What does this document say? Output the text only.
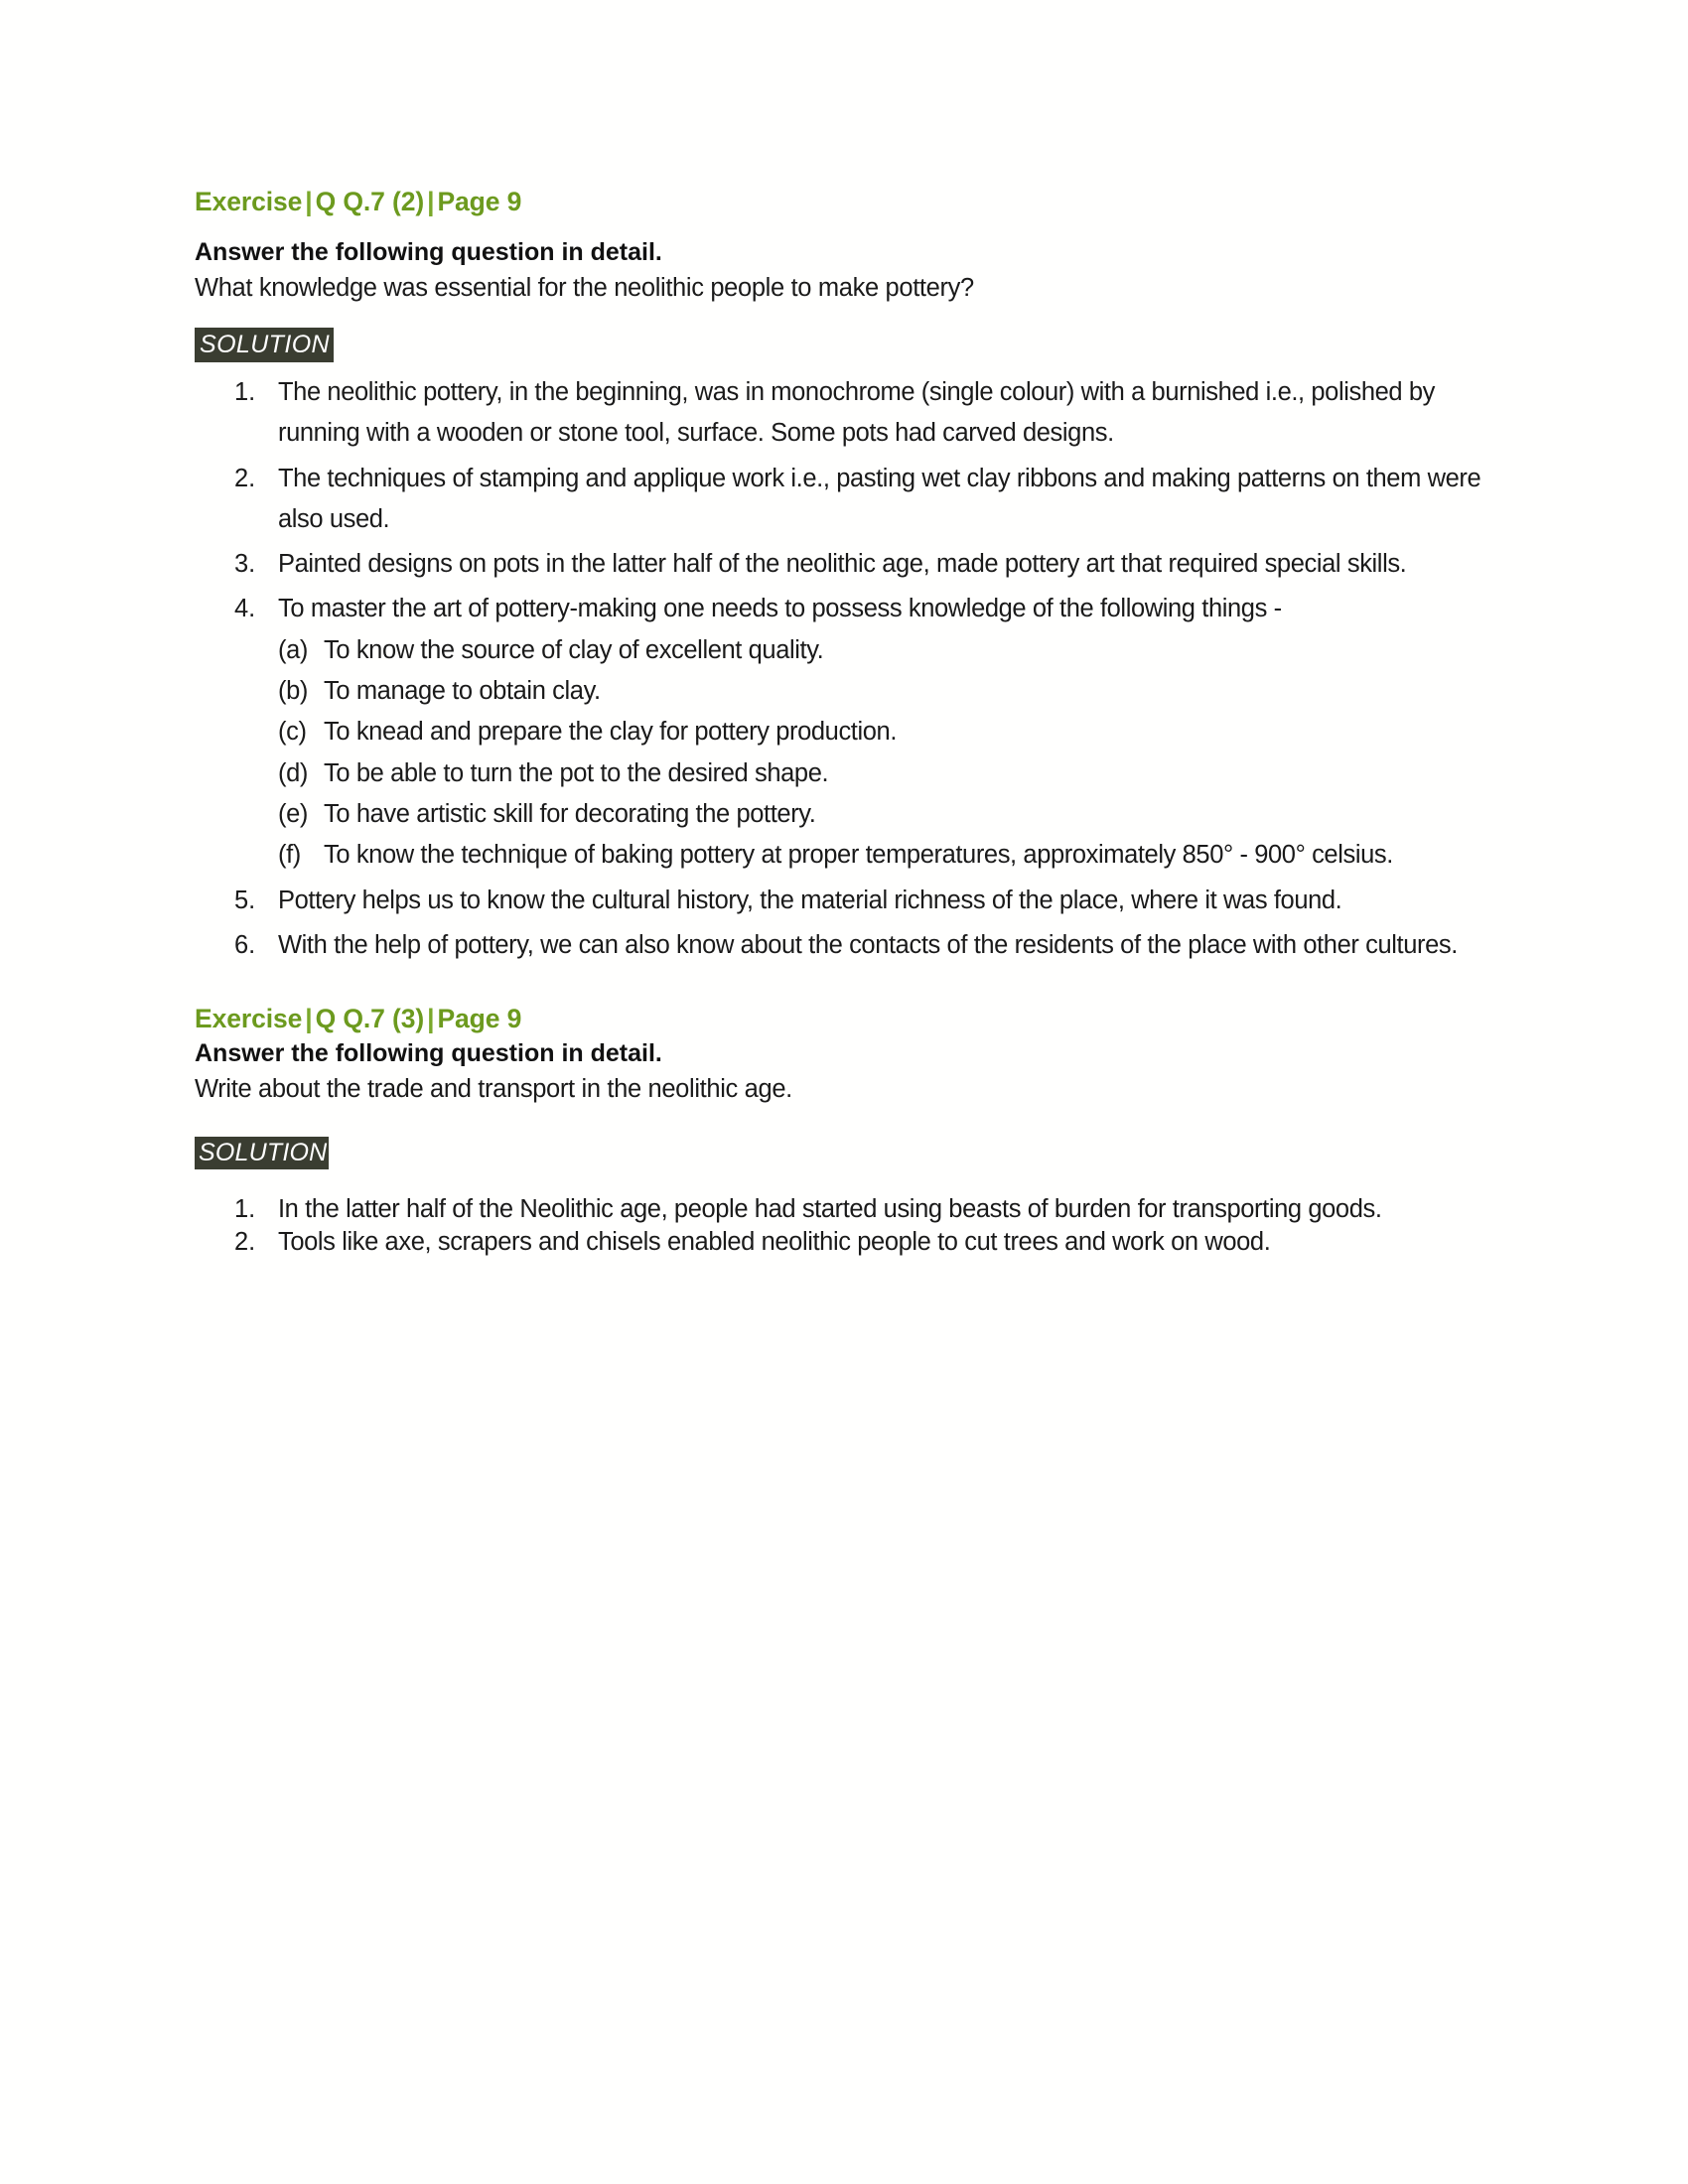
Exercise | Q Q.7 (2) | Page 9

Answer the following question in detail.

What knowledge was essential for the neolithic people to make pottery?

SOLUTION
1. The neolithic pottery, in the beginning, was in monochrome (single colour) with a burnished i.e., polished by running with a wooden or stone tool, surface. Some pots had carved designs.
2. The techniques of stamping and applique work i.e., pasting wet clay ribbons and making patterns on them were also used.
3. Painted designs on pots in the latter half of the neolithic age, made pottery art that required special skills.
4. To master the art of pottery-making one needs to possess knowledge of the following things -
(a) To know the source of clay of excellent quality.
(b) To manage to obtain clay.
(c) To knead and prepare the clay for pottery production.
(d) To be able to turn the pot to the desired shape.
(e) To have artistic skill for decorating the pottery.
(f) To know the technique of baking pottery at proper temperatures, approximately 850° - 900° celsius.
5. Pottery helps us to know the cultural history, the material richness of the place, where it was found.
6. With the help of pottery, we can also know about the contacts of the residents of the place with other cultures.
Exercise | Q Q.7 (3) | Page 9

Answer the following question in detail.

Write about the trade and transport in the neolithic age.

SOLUTION
1. In the latter half of the Neolithic age, people had started using beasts of burden for transporting goods.
2. Tools like axe, scrapers and chisels enabled neolithic people to cut trees and work on wood.
